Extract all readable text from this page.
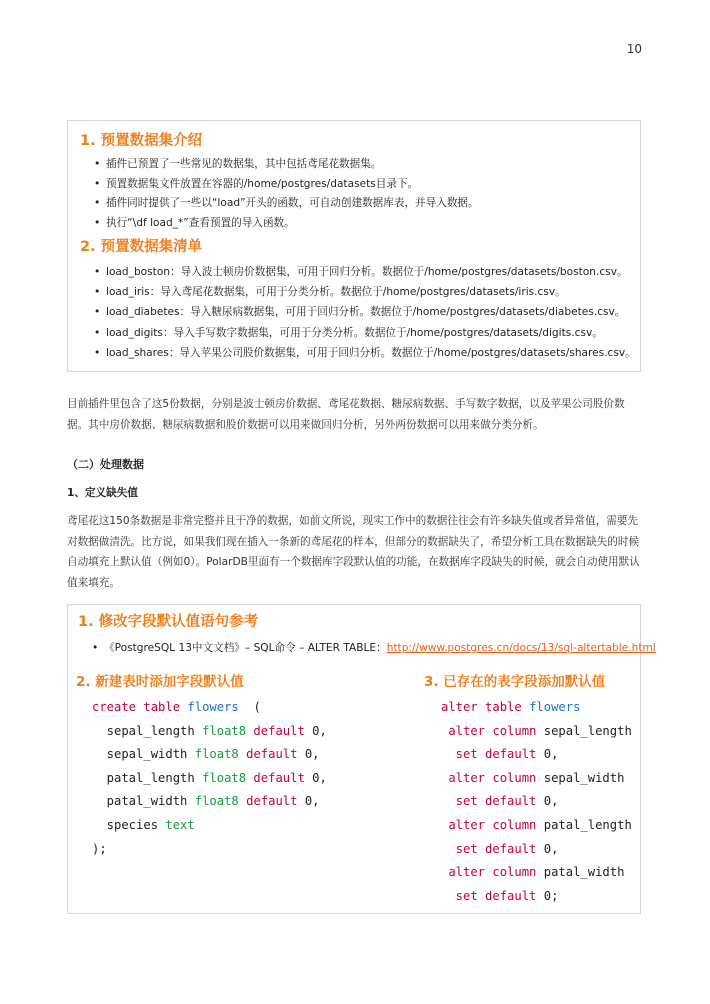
10

1. 预置数据集介绍

• 插件已预置了一些常见的数据集，其中包括鸢尾花数据集。
• 预置数据集文件放置在容器的/home/postgres/datasets目录下。
• 插件同时提供了一些以“load”开头的函数，可自动创建数据库表，并导入数据。
• 执行“\df load_*”查看预置的导入函数。

2. 预置数据集清单

• load_boston：导入波士顿房价数据集，可用于回归分析。数据位于/home/postgres/datasets/boston.csv。
• load_iris：导入鸢尾花数据集，可用于分类分析。数据位于/home/postgres/datasets/iris.csv。
• load_diabetes：导入糖尿病数据集，可用于回归分析。数据位于/home/postgres/datasets/diabetes.csv。
• load_digits：导入手写数字数据集，可用于分类分析。数据位于/home/postgres/datasets/digits.csv。
• load_shares：导入苹果公司股价数据集，可用于回归分析。数据位于/home/postgres/datasets/shares.csv。

目前插件里包含了这5份数据，分别是波士顿房价数据、鸢尾花数据、糖尿病数据、手写数字数据，以及苹果公司股价数据。其中房价数据、糖尿病数据和股价数据可以用来做回归分析，另外两份数据可以用来做分类分析。

（二）处理数据

1、定义缺失值

鸢尾花这150条数据是非常完整并且干净的数据，如前文所说，现实工作中的数据往往会有许多缺失值或者异常值，需要先对数据做清洗。比方说，如果我们现在插入一条新的鸢尾花的样本，但部分的数据缺失了，希望分析工具在数据缺失的时候自动填充上默认值（例如0）。PolarDB里面有一个数据库字段默认值的功能，在数据库字段缺失的时候，就会自动使用默认值来填充。

1. 修改字段默认值语句参考

• 《PostgreSQL 13中文文档》– SQL命令 – ALTER TABLE：http://www.postgres.cn/docs/13/sql-altertable.html
2. 新建表时添加字段默认值	3. 已存在的表字段添加默认值
create table flowers  (
sepal_length float8 default 0,
sepal_width float8 default 0,
patal_length float8 default 0,
patal_width float8 default 0,
species text
);
alter table flowers
alter column sepal_length
set default 0,
alter column sepal_width
set default 0,
alter column patal_length
set default 0,
alter column patal_width
set default 0;
